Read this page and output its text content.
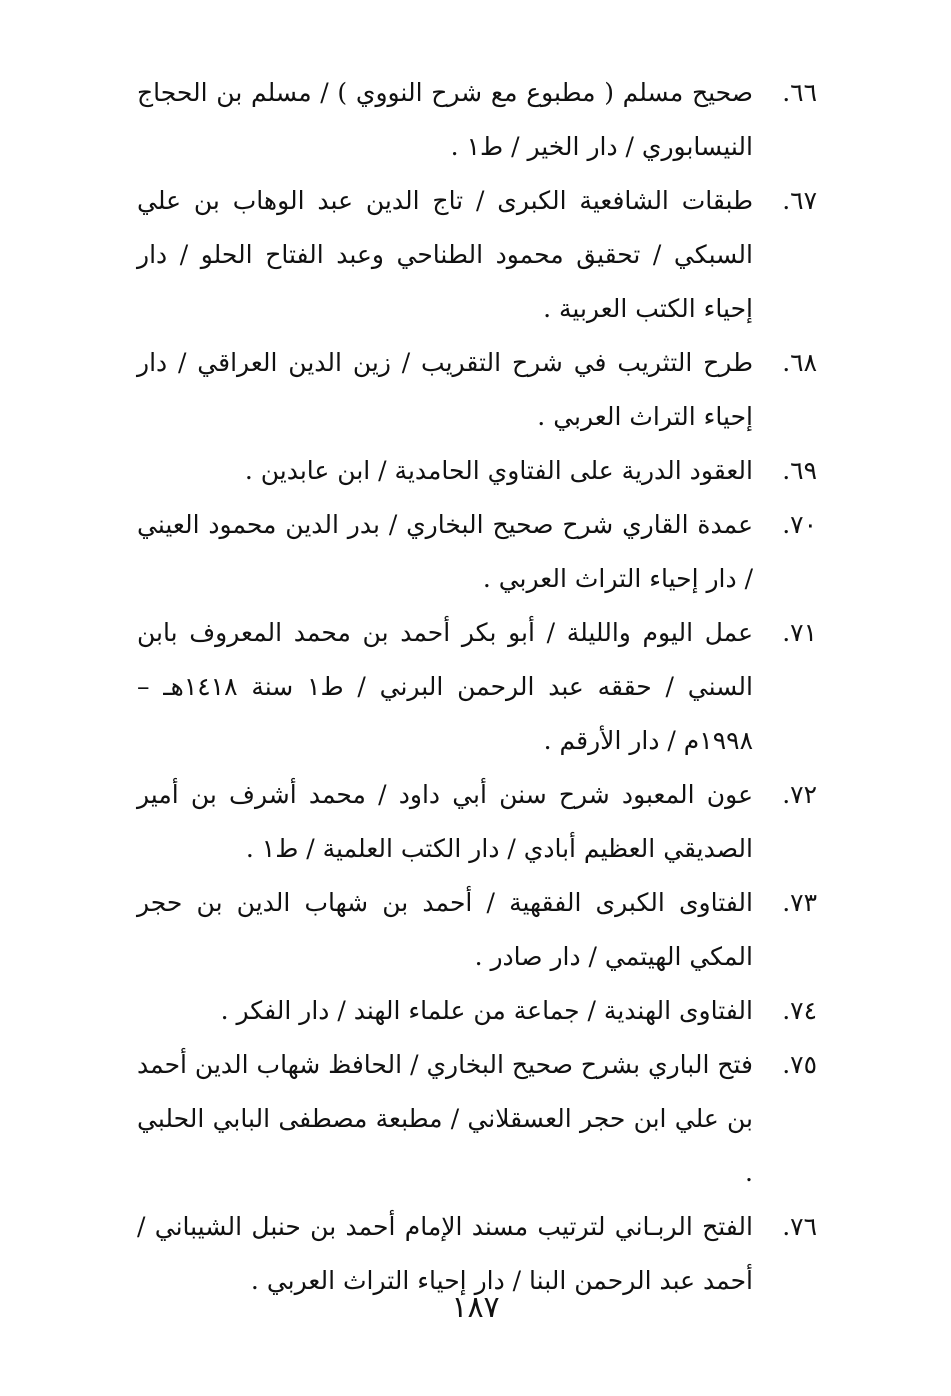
٦٦.
صحيح مسلم ( مطبوع مع شرح النووي ) / مسلم بن الحجاج النيسابوري / دار الخير / ط١ .
٦٧.
طبقات الشافعية الكبرى / تاج الدين عبد الوهاب بن علي السبكي / تحقيق محمود الطناحي وعبد الفتاح الحلو / دار إحياء الكتب العربية .
٦٨.
طرح التثريب في شرح التقريب / زين الدين العراقي / دار إحياء التراث العربي .
٦٩.
العقود الدرية على الفتاوي الحامدية / ابن عابدين .
٧٠.
عمدة القاري شرح صحيح البخاري / بدر الدين محمود العيني / دار إحياء التراث العربي .
٧١.
عمل اليوم والليلة / أبو بكر أحمد بن محمد المعروف بابن السني / حققه عبد الرحمن البرني / ط١ سنة ١٤١٨هـ – ١٩٩٨م / دار الأرقم .
٧٢.
عون المعبود شرح سنن أبي داود / محمد أشرف بن أمير الصديقي العظيم أبادي / دار الكتب العلمية / ط١ .
٧٣.
الفتاوى الكبرى الفقهية / أحمد بن شهاب الدين بن حجر المكي الهيتمي / دار صادر .
٧٤.
الفتاوى الهندية / جماعة من علماء الهند / دار الفكر .
٧٥.
فتح الباري بشرح صحيح البخاري / الحافظ شهاب الدين أحمد بن علي ابن حجر العسقلاني / مطبعة مصطفى البابي الحلبي .
٧٦.
الفتح الربـاني لترتيب مسند الإمام أحمد بن حنبل الشيباني / أحمد عبد الرحمن البنا / دار إحياء التراث العربي .
١٨٧
